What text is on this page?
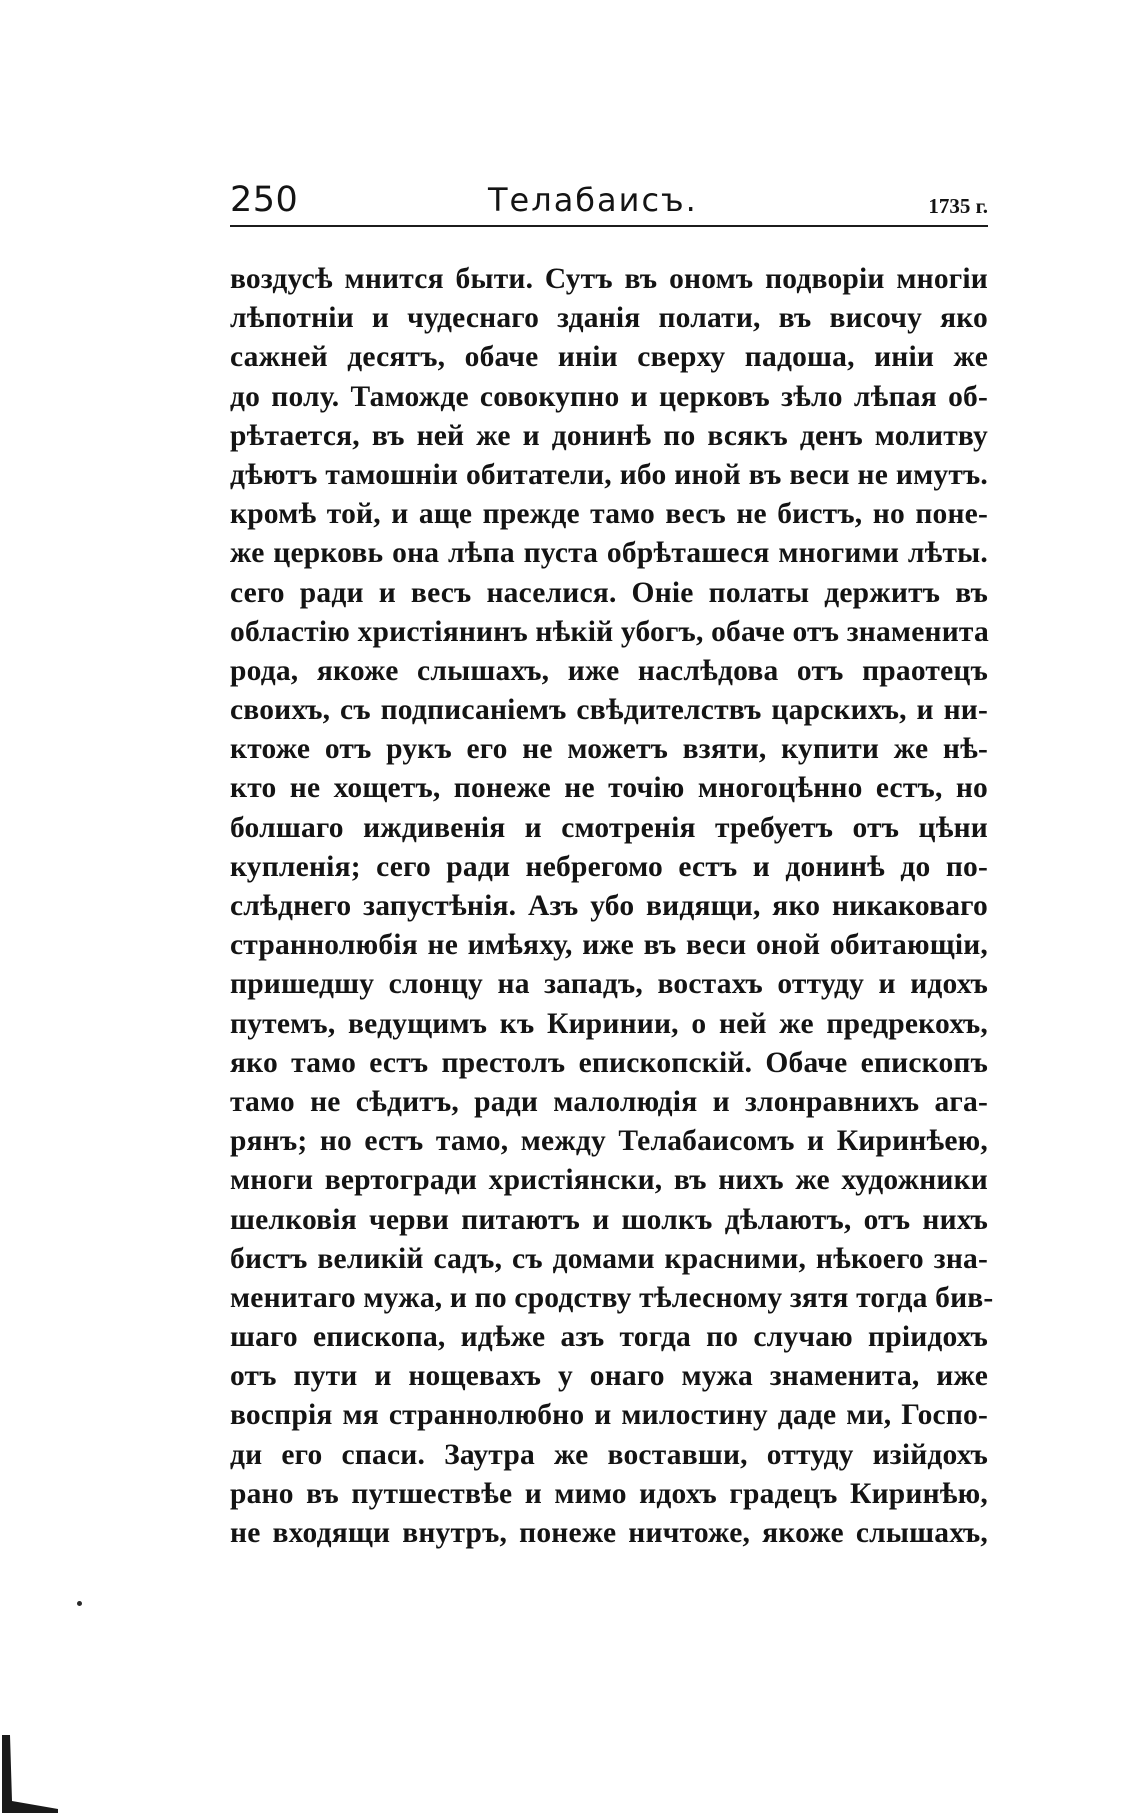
250	Телабаисъ.	1735 г.
воздусѣ мнится быти. Сутъ въ ономъ подворіи многіи
лѣпотніи и чудеснаго зданія полати, въ височу яко
сажней десятъ, обаче иніи сверху падоша, иніи же
до полу. Таможде совокупно и церковъ зѣло лѣпая об-
рѣтается, въ ней же и донинѣ по всякъ денъ молитву
дѣютъ тамошніи обитатели, ибо иной въ веси не имутъ.
кромѣ той, и аще прежде тамо весъ не бистъ, но поне-
же церковь она лѣпа пуста обрѣташеся многими лѣты.
сего ради и весъ населися. Оніе полаты держитъ въ
областію христіянинъ нѣкій убогъ, обаче отъ знаменита
рода, якоже слышахъ, иже наслѣдова отъ праотецъ
своихъ, съ подписаніемъ свѣдителствъ царскихъ, и ни-
ктоже отъ рукъ его не можетъ взяти, купити же нѣ-
кто не хощетъ, понеже не точію многоцѣнно естъ, но
болшаго иждивенія и смотренія требуетъ отъ цѣни
купленія; сего ради небрегомо естъ и донинѣ до по-
слѣднего запустѣнія. Азъ убо видящи, яко никаковаго
страннолюбія не имѣяху, иже въ веси оной обитающіи,
пришедшу слонцу на западъ, востахъ оттуду и идохъ
путемъ, ведущимъ къ Киринии, о ней же предрекохъ,
яко тамо естъ престолъ епископскій. Обаче епископъ
тамо не сѣдитъ, ради малолюдія и злонравнихъ ага-
рянъ; но естъ тамо, между Телабаисомъ и Киринѣею,
многи вертогради христіянски, въ нихъ же художники
шелковія черви питаютъ и шолкъ дѣлаютъ, отъ нихъ
бистъ великій садъ, съ домами красними, нѣкоего зна-
менитаго мужа, и по сродству тѣлесному зятя тогда бив-
шаго епископа, идѣже азъ тогда по случаю пріидохъ
отъ пути и нощевахъ у онаго мужа знаменита, иже
воспрія мя страннолюбно и милостину даде ми, Госпо-
ди его спаси. Заутра же воставши, оттуду изійдохъ
рано въ путшествѣе и мимо идохъ градецъ Киринѣю,
не входящи внутръ, понеже ничтоже, якоже слышахъ,
